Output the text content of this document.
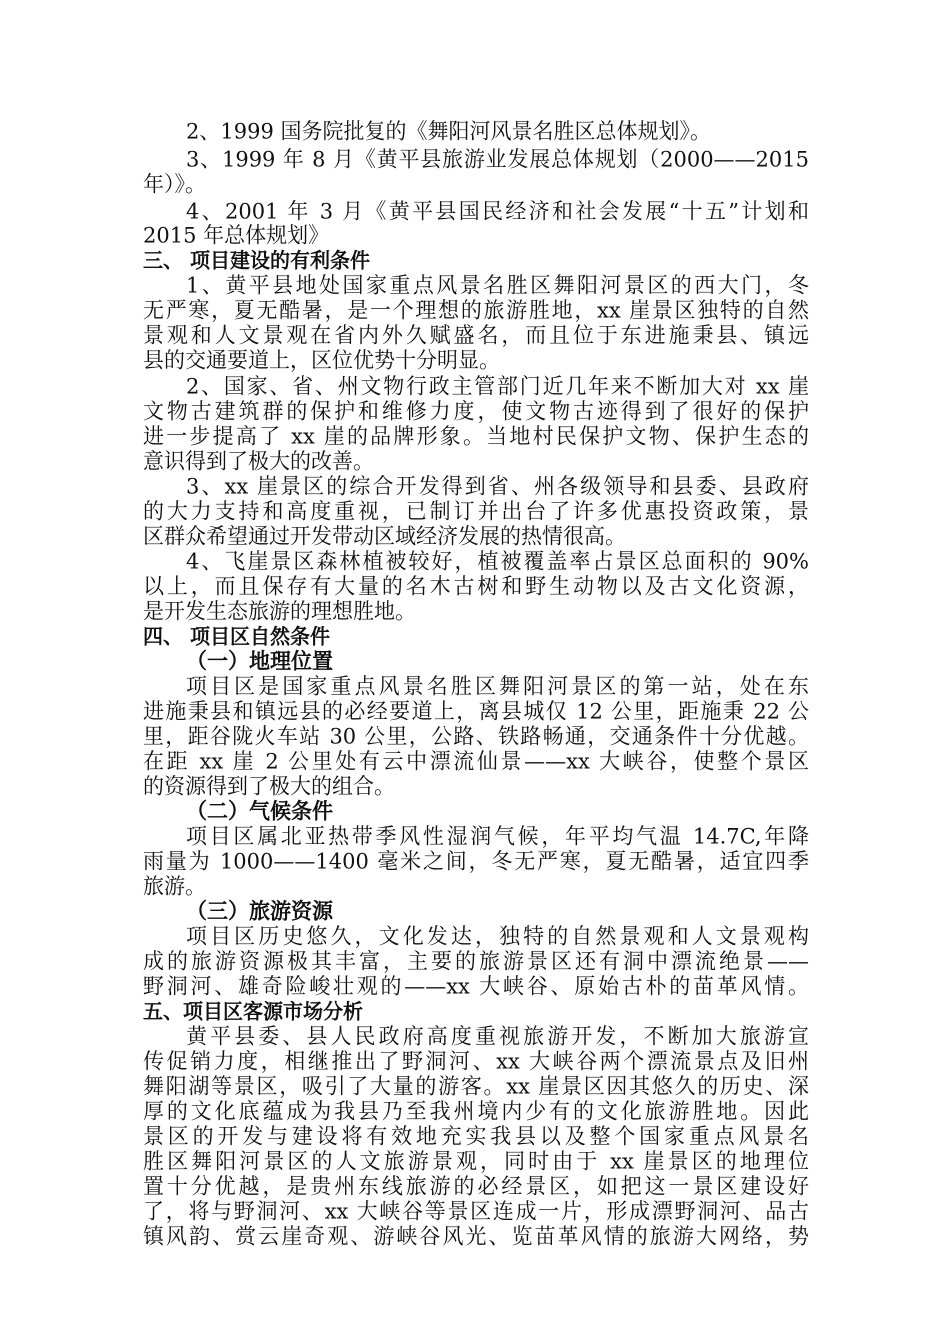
2、1999 国务院批复的《舞阳河风景名胜区总体规划》。
3、1999 年 8 月《黄平县旅游业发展总体规划（2000——2015
年）》。
4、2001 年 3 月《黄平县国民经济和社会发展“十五”计划和
2015 年总体规划》
三、 项目建设的有利条件
1、黄平县地处国家重点风景名胜区舞阳河景区的西大门，冬
无严寒，夏无酷暑，是一个理想的旅游胜地，xx 崖景区独特的自然
景观和人文景观在省内外久赋盛名，而且位于东进施秉县、镇远
县的交通要道上，区位优势十分明显。
2、国家、省、州文物行政主管部门近几年来不断加大对 xx 崖
文物古建筑群的保护和维修力度，使文物古迹得到了很好的保护
进一步提高了 xx 崖的品牌形象。当地村民保护文物、保护生态的
意识得到了极大的改善。
3、xx 崖景区的综合开发得到省、州各级领导和县委、县政府
的大力支持和高度重视，已制订并出台了许多优惠投资政策，景
区群众希望通过开发带动区域经济发展的热情很高。
4、飞崖景区森林植被较好，植被覆盖率占景区总面积的 90%
以上，而且保存有大量的名木古树和野生动物以及古文化资源，
是开发生态旅游的理想胜地。
四、 项目区自然条件
（一）地理位置
项目区是国家重点风景名胜区舞阳河景区的第一站，处在东
进施秉县和镇远县的必经要道上，离县城仅 12 公里，距施秉 22 公
里，距谷陇火车站 30 公里，公路、铁路畅通，交通条件十分优越。
在距 xx 崖 2 公里处有云中漂流仙景——xx 大峡谷，使整个景区
的资源得到了极大的组合。
（二）气候条件
项目区属北亚热带季风性湿润气候，年平均气温 14.7C,年降
雨量为 1000——1400 毫米之间，冬无严寒，夏无酷暑，适宜四季
旅游。
（三）旅游资源
项目区历史悠久，文化发达，独特的自然景观和人文景观构
成的旅游资源极其丰富，主要的旅游景区还有洞中漂流绝景——
野洞河、雄奇险峻壮观的——xx 大峡谷、原始古朴的苗革风情。
五、项目区客源市场分析
黄平县委、县人民政府高度重视旅游开发，不断加大旅游宣
传促销力度，相继推出了野洞河、xx 大峡谷两个漂流景点及旧州
舞阳湖等景区，吸引了大量的游客。xx 崖景区因其悠久的历史、深
厚的文化底蕴成为我县乃至我州境内少有的文化旅游胜地。因此
景区的开发与建设将有效地充实我县以及整个国家重点风景名
胜区舞阳河景区的人文旅游景观，同时由于 xx 崖景区的地理位
置十分优越，是贵州东线旅游的必经景区，如把这一景区建设好
了，将与野洞河、xx 大峡谷等景区连成一片，形成漂野洞河、品古
镇风韵、赏云崖奇观、游峡谷风光、览苗革风情的旅游大网络，势
